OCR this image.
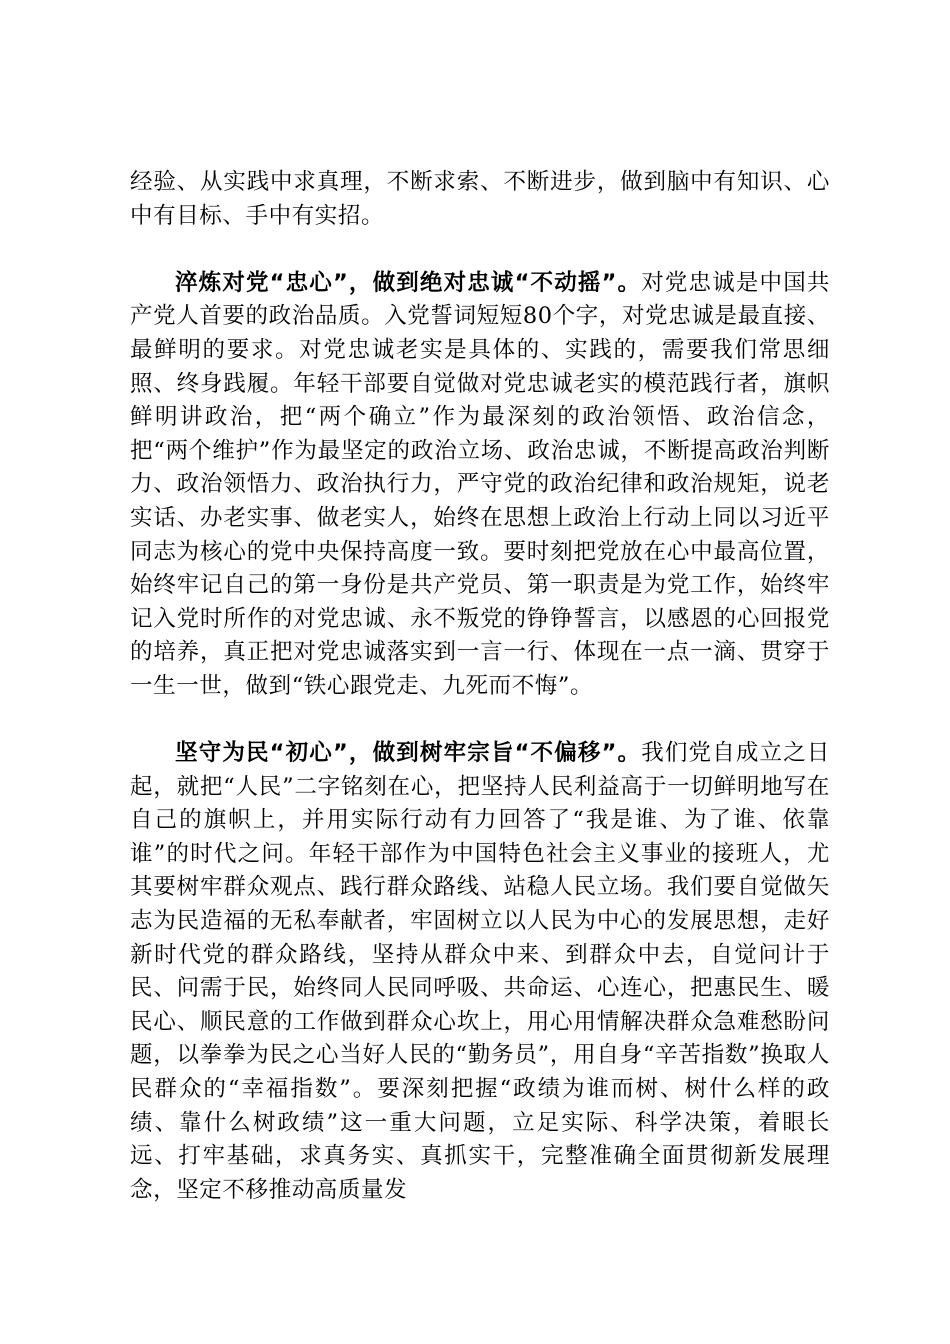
经验、从实践中求真理，不断求索、不断进步，做到脑中有知识、心中有目标、手中有实招。

淬炼对党“忠心”，做到绝对忠诚“不动摇”。对党忠诚是中国共产党人首要的政治品质。入党誓词短短80个字，对党忠诚是最直接、最鲜明的要求。对党忠诚老实是具体的、实践的，需要我们常思细照、终身践履。年轻干部要自觉做对党忠诚老实的模范践行者，旗帜鲜明讲政治，把“两个确立”作为最深刻的政治领悟、政治信念，把“两个维护”作为最坚定的政治立场、政治忠诚，不断提高政治判断力、政治领悟力、政治执行力，严守党的政治纪律和政治规矩，说老实话、办老实事、做老实人，始终在思想上政治上行动上同以习近平同志为核心的党中央保持高度一致。要时刻把党放在心中最高位置，始终牢记自己的第一身份是共产党员、第一职责是为党工作，始终牢记入党时所作的对党忠诚、永不叛党的铮铮誓言，以感恩的心回报党的培养，真正把对党忠诚落实到一言一行、体现在一点一滴、贯穿于一生一世，做到“铁心跟党走、九死而不悔”。

坚守为民“初心”，做到树牢宗旨“不偏移”。我们党自成立之日起，就把“人民”二字铭刻在心，把坚持人民利益高于一切鲜明地写在自己的旗帜上，并用实际行动有力回答了“我是谁、为了谁、依靠谁”的时代之问。年轻干部作为中国特色社会主义事业的接班人，尤其要树牢群众观点、践行群众路线、站稳人民立场。我们要自觉做矢志为民造福的无私奉献者，牢固树立以人民为中心的发展思想，走好新时代党的群众路线，坚持从群众中来、到群众中去，自觉问计于民、问需于民，始终同人民同呼吸、共命运、心连心，把惠民生、暖民心、顺民意的工作做到群众心坎上，用心用情解决群众急难愁盼问题，以拳拳为民之心当好人民的“勤务员”，用自身“辛苦指数”换取人民群众的“幸福指数”。要深刻把握“政绩为谁而树、树什么样的政绩、靠什么树政绩”这一重大问题，立足实际、科学决策，着眼长远、打牢基础，求真务实、真抓实干，完整准确全面贯彻新发展理念，坚定不移推动高质量发
